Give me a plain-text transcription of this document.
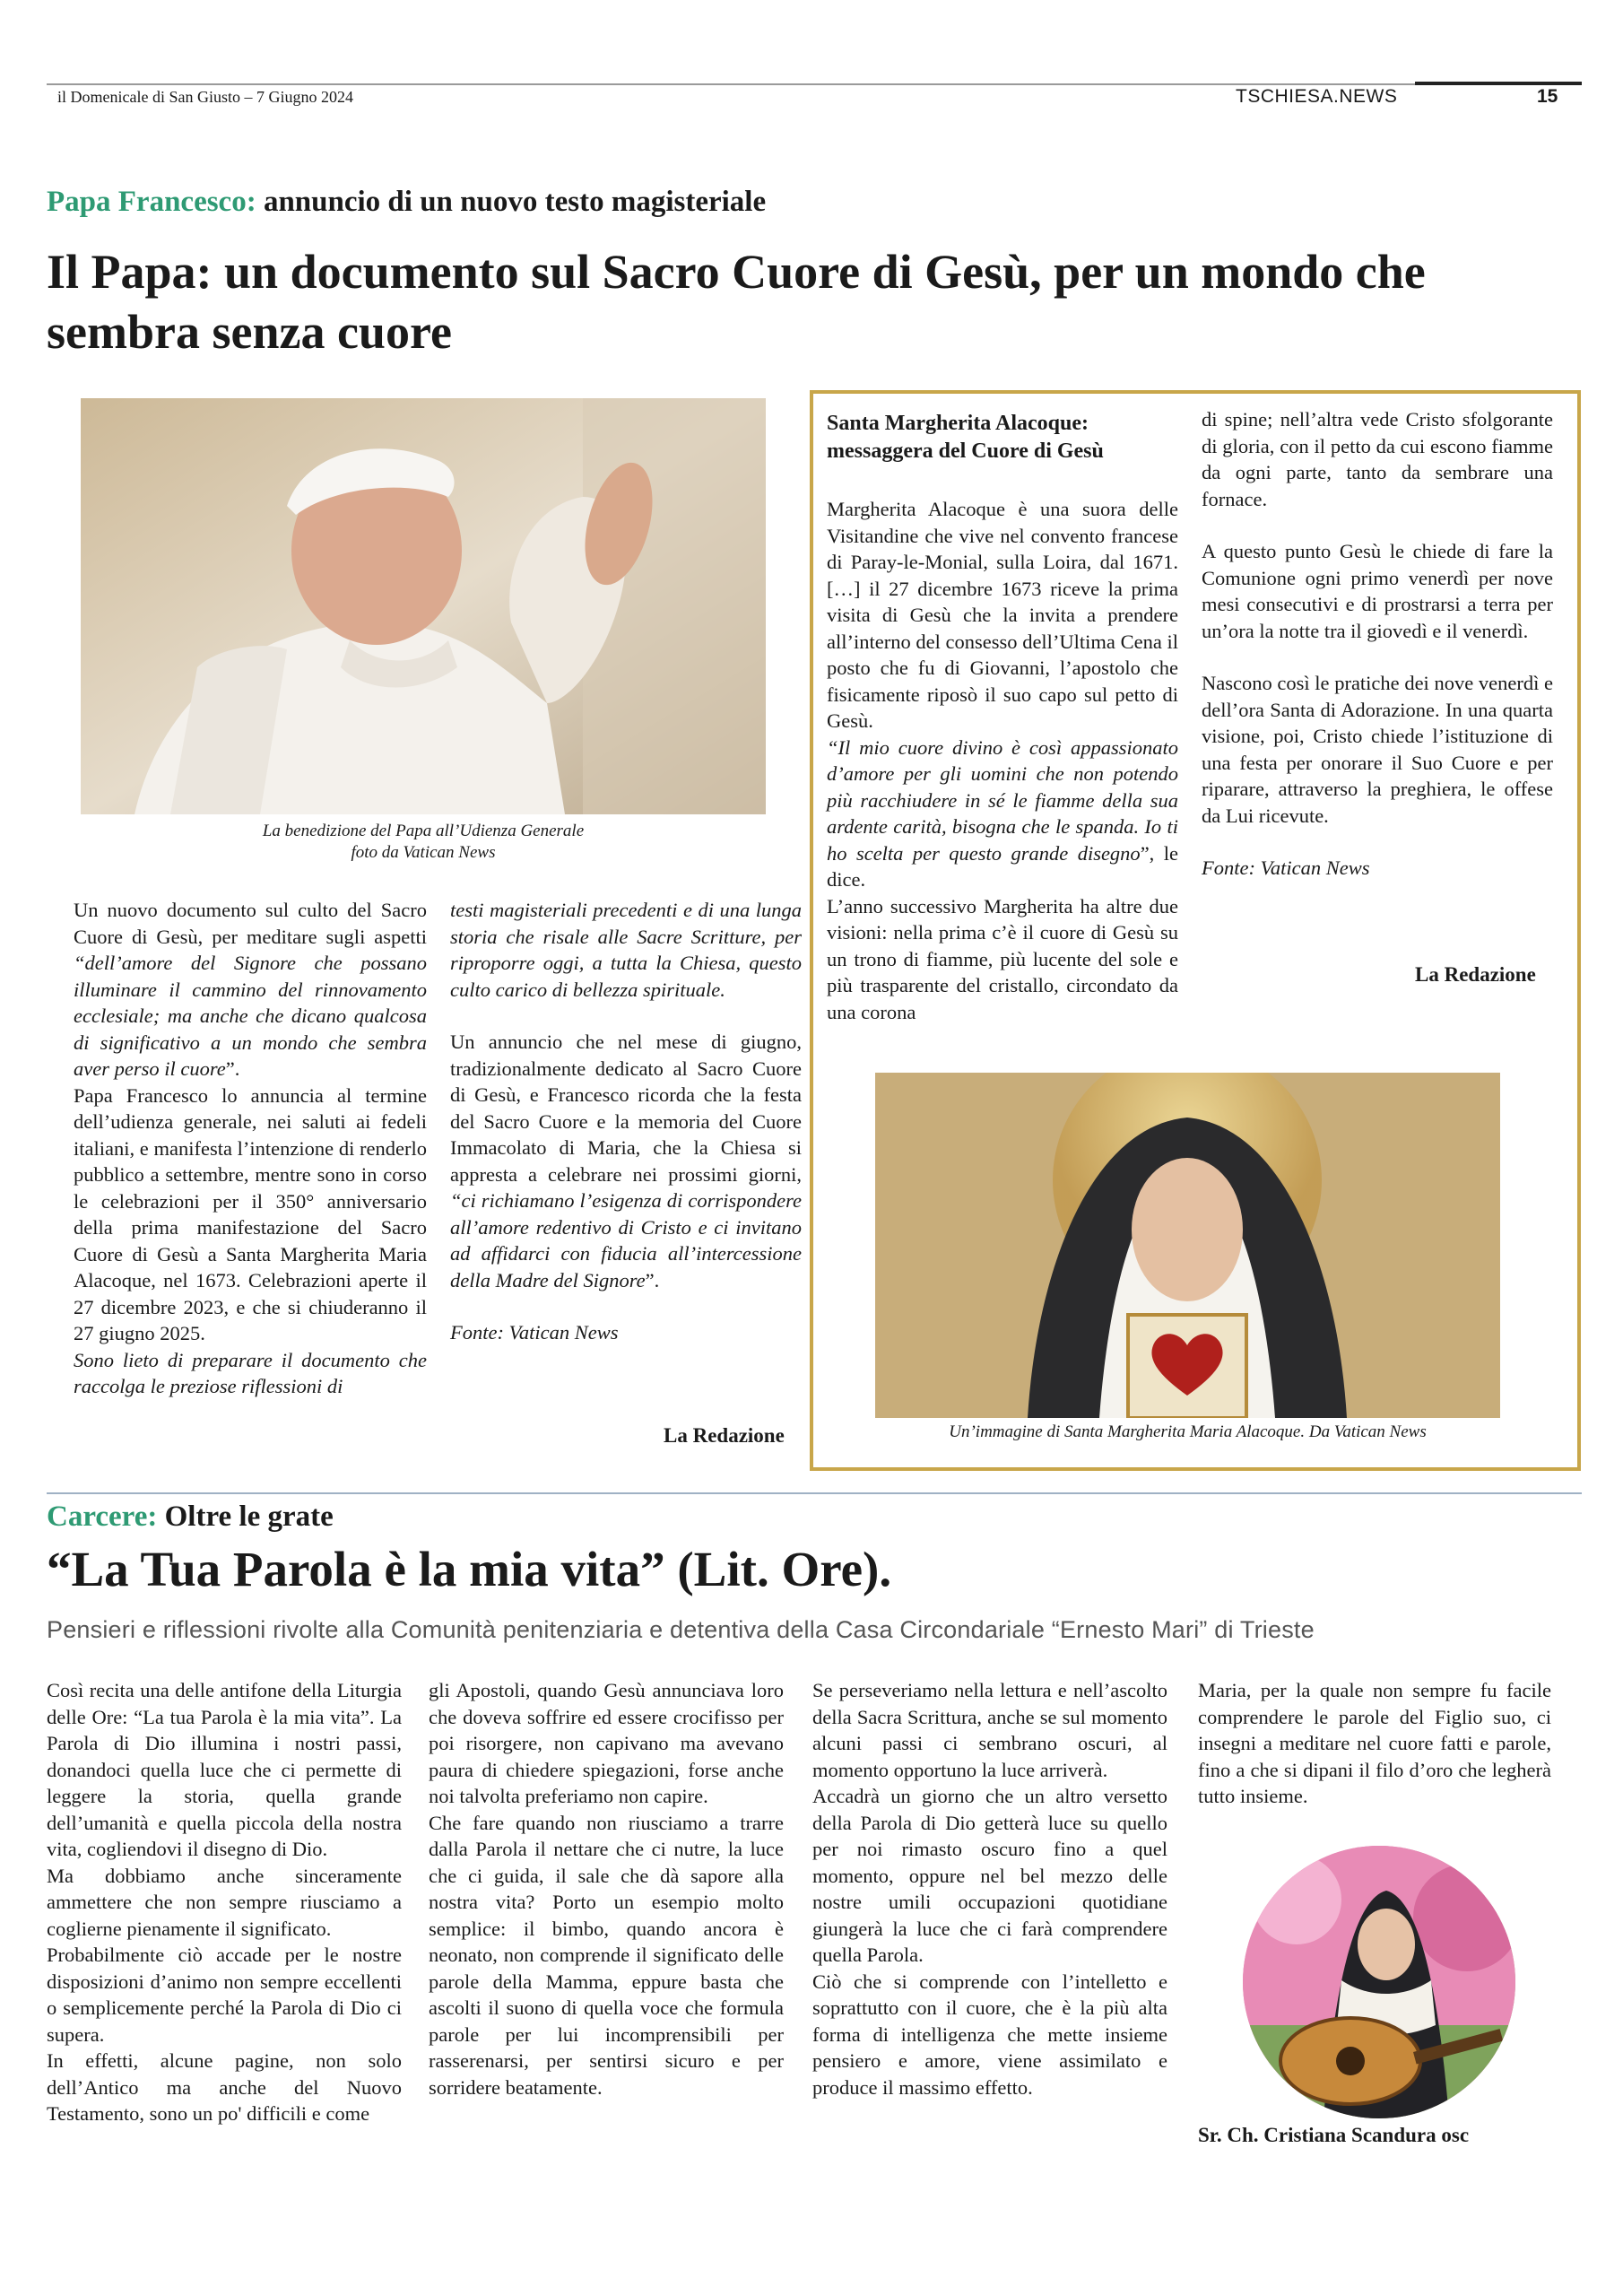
il Domenicale di San Giusto – 7 Giugno 2024	TSCHIESA.NEWS	15
Papa Francesco: annuncio di un nuovo testo magisteriale
Il Papa: un documento sul Sacro Cuore di Gesù, per un mondo che sembra senza cuore
La benedizione del Papa all’Udienza Generale
foto da Vatican News

Un nuovo documento sul culto del Sacro Cuore di Gesù, per meditare sugli aspetti “dell’amore del Signore che possano illuminare il cammino del rinnovamento ecclesiale; ma anche che dicano qualcosa di significativo a un mondo che sembra aver perso il cuore”.

Papa Francesco lo annuncia al termine dell’udienza generale, nei saluti ai fedeli italiani, e manifesta l’intenzione di renderlo pubblico a settembre, mentre sono in corso le celebrazioni per il 350° anniversario della prima manifestazione del Sacro Cuore di Gesù a Santa Margherita Maria Alacoque, nel 1673. Celebrazioni aperte il 27 dicembre 2023, e che si chiuderanno il 27 giugno 2025.

Sono lieto di preparare il documento che raccolga le preziose riflessioni di

testi magisteriali precedenti e di una lunga storia che risale alle Sacre Scritture, per riproporre oggi, a tutta la Chiesa, questo culto carico di bellezza spirituale.

Un annuncio che nel mese di giugno, tradizionalmente dedicato al Sacro Cuore di Gesù, e Francesco ricorda che la festa del Sacro Cuore e la memoria del Cuore Immacolato di Maria, che la Chiesa si appresta a celebrare nei prossimi giorni, “ci richiamano l’esigenza di corrispondere all’amore redentivo di Cristo e ci invitano ad affidarci con fiducia all’intercessione della Madre del Signore”.

Fonte: Vatican News

La Redazione
Santa Margherita Alacoque: messaggera del Cuore di Gesù

Margherita Alacoque è una suora delle Visitandine che vive nel convento francese di Paray-le-Monial, sulla Loira, dal 1671. […] il 27 dicembre 1673 riceve la prima visita di Gesù che la invita a prendere all’interno del consesso dell’Ultima Cena il posto che fu di Giovanni, l’apostolo che fisicamente riposò il suo capo sul petto di Gesù.

“Il mio cuore divino è così appassionato d’amore per gli uomini che non potendo più racchiudere in sé le fiamme della sua ardente carità, bisogna che le spanda. Io ti ho scelta per questo grande disegno”, le dice.

L’anno successivo Margherita ha altre due visioni: nella prima c’è il cuore di Gesù su un trono di fiamme, più lucente del sole e più trasparente del cristallo, circondato da una corona

di spine; nell’altra vede Cristo sfolgorante di gloria, con il petto da cui escono fiamme da ogni parte, tanto da sembrare una fornace.

A questo punto Gesù le chiede di fare la Comunione ogni primo venerdì per nove mesi consecutivi e di prostrarsi a terra per un’ora la notte tra il giovedì e il venerdì.

Nascono così le pratiche dei nove venerdì e dell’ora Santa di Adorazione. In una quarta visione, poi, Cristo chiede l’istituzione di una festa per onorare il Suo Cuore e per riparare, attraverso la preghiera, le offese da Lui ricevute.

Fonte: Vatican News

La Redazione
Un’immagine di Santa Margherita Maria Alacoque. Da Vatican News
Carcere: Oltre le grate
“La Tua Parola è la mia vita” (Lit. Ore).
Pensieri e riflessioni rivolte alla Comunità penitenziaria e detentiva della Casa Circondariale “Ernesto Mari” di Trieste

Così recita una delle antifone della Liturgia delle Ore: “La tua Parola è la mia vita”. La Parola di Dio illumina i nostri passi, donandoci quella luce che ci permette di leggere la storia, quella grande dell’umanità e quella piccola della nostra vita, cogliendovi il disegno di Dio.

Ma dobbiamo anche sinceramente ammettere che non sempre riusciamo a coglierne pienamente il significato.

Probabilmente ciò accade per le nostre disposizioni d’animo non sempre eccellenti o semplicemente perché la Parola di Dio ci supera.

In effetti, alcune pagine, non solo dell’Antico ma anche del Nuovo Testamento, sono un po' difficili e come

gli Apostoli, quando Gesù annunciava loro che doveva soffrire ed essere crocifisso per poi risorgere, non capivano ma avevano paura di chiedere spiegazioni, forse anche noi talvolta preferiamo non capire.

Che fare quando non riusciamo a trarre dalla Parola il nettare che ci nutre, la luce che ci guida, il sale che dà sapore alla nostra vita? Porto un esempio molto semplice: il bimbo, quando ancora è neonato, non comprende il significato delle parole della Mamma, eppure basta che ascolti il suono di quella voce che formula parole per lui incomprensibili per rasserenarsi, per sentirsi sicuro e per sorridere beatamente.

Se perseveriamo nella lettura e nell’ascolto della Sacra Scrittura, anche se sul momento alcuni passi ci sembrano oscuri, al momento opportuno la luce arriverà.

Accadrà un giorno che un altro versetto della Parola di Dio getterà luce su quello per noi rimasto oscuro fino a quel momento, oppure nel bel mezzo delle nostre umili occupazioni quotidiane giungerà la luce che ci farà comprendere quella Parola.

Ciò che si comprende con l’intelletto e soprattutto con il cuore, che è la più alta forma di intelligenza che mette insieme pensiero e amore, viene assimilato e produce il massimo effetto.

Maria, per la quale non sempre fu facile comprendere le parole del Figlio suo, ci insegni a meditare nel cuore fatti e parole, fino a che si dipani il filo d’oro che legherà tutto insieme.

Sr. Ch. Cristiana Scandura osc
